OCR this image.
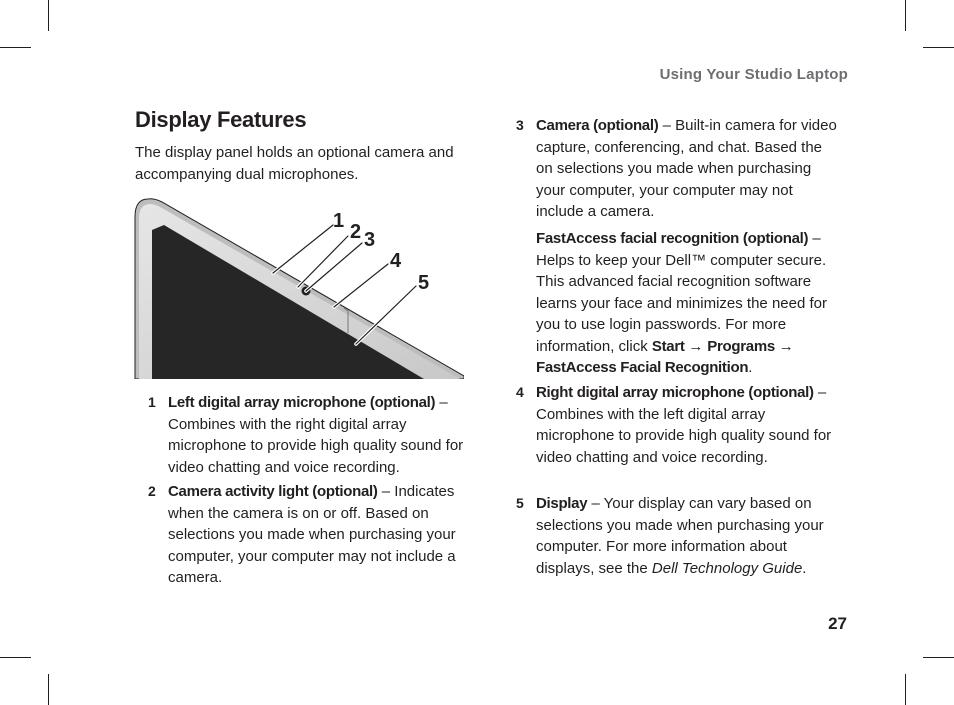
Using Your Studio Laptop
Display Features

The display panel holds an optional camera and accompanying dual microphones.

1 2 3
4
5
1 Left digital array microphone (optional) – Combines with the right digital array microphone to provide high quality sound for video chatting and voice recording.
2 Camera activity light (optional) – Indicates when the camera is on or off. Based on selections you made when purchasing your computer, your computer may not include a camera.
3 Camera (optional) – Built-in camera for video capture, conferencing, and chat. Based the on selections you made when purchasing your computer, your computer may not include a camera.
FastAccess facial recognition (optional) – Helps to keep your Dell™ computer secure. This advanced facial recognition software learns your face and minimizes the need for you to use login passwords. For more information, click Start → Programs → FastAccess Facial Recognition.
4 Right digital array microphone (optional) – Combines with the left digital array microphone to provide high quality sound for video chatting and voice recording.
5 Display – Your display can vary based on selections you made when purchasing your computer. For more information about displays, see the Dell Technology Guide.
27
